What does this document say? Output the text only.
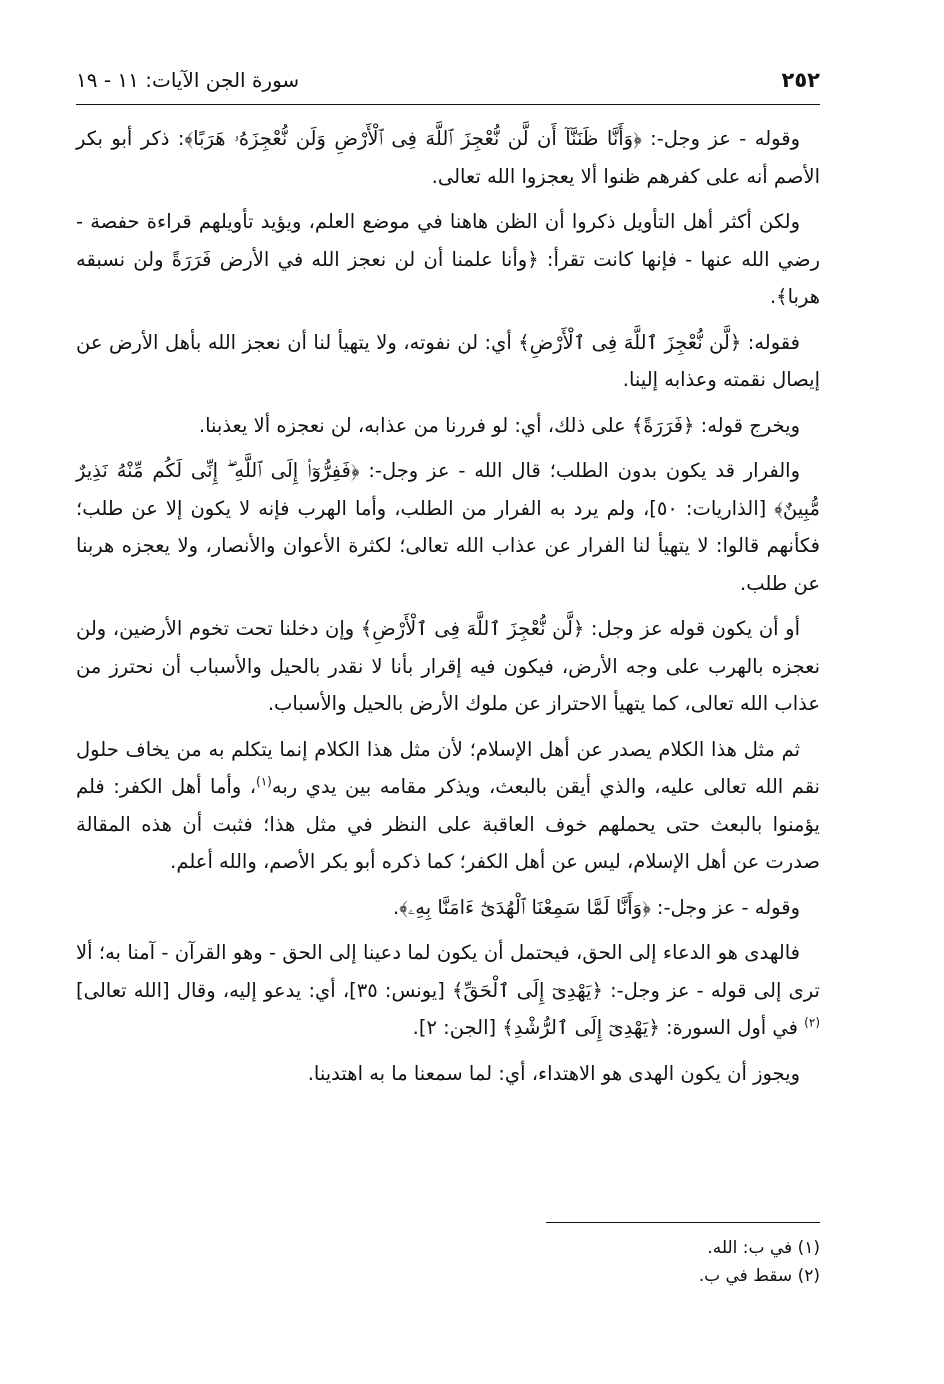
٢٥٢
سورة الجن الآيات: ١١ - ١٩

وقوله - عز وجل-: ﴿وَأَنَّا ظَنَنَّآ أَن لَّن نُّعْجِزَ ٱللَّهَ فِى ٱلْأَرْضِ وَلَن نُّعْجِزَهُۥ هَرَبًا﴾: ذكر أبو بكر الأصم أنه على كفرهم ظنوا ألا يعجزوا الله تعالى.

ولكن أكثر أهل التأويل ذكروا أن الظن هاهنا في موضع العلم، ويؤيد تأويلهم قراءة حفصة - رضي الله عنها - فإنها كانت تقرأ: ﴿وأنا علمنا أن لن نعجز الله في الأرض فَرَرَةً ولن نسبقه هربا﴾.

فقوله: ﴿لَّن نُّعْجِزَ ٱللَّهَ فِى ٱلْأَرْضِ﴾ أي: لن نفوته، ولا يتهيأ لنا أن نعجز الله بأهل الأرض عن إيصال نقمته وعذابه إلينا.

ويخرج قوله: ﴿فَرَرَةً﴾ على ذلك، أي: لو فررنا من عذابه، لن نعجزه ألا يعذبنا.

والفرار قد يكون بدون الطلب؛ قال الله - عز وجل-: ﴿فَفِرُّوٓا۟ إِلَى ٱللَّهِ ۖ إِنِّى لَكُم مِّنْهُ نَذِيرٌ مُّبِينٌ﴾ [الذاريات: ٥٠]، ولم يرد به الفرار من الطلب، وأما الهرب فإنه لا يكون إلا عن طلب؛ فكأنهم قالوا: لا يتهيأ لنا الفرار عن عذاب الله تعالى؛ لكثرة الأعوان والأنصار، ولا يعجزه هربنا عن طلب.

أو أن يكون قوله عز وجل: ﴿لَّن نُّعْجِزَ ٱللَّهَ فِى ٱلْأَرْضِ﴾ وإن دخلنا تحت تخوم الأرضين، ولن نعجزه بالهرب على وجه الأرض، فيكون فيه إقرار بأنا لا نقدر بالحيل والأسباب أن نحترز من عذاب الله تعالى، كما يتهيأ الاحتراز عن ملوك الأرض بالحيل والأسباب.

ثم مثل هذا الكلام يصدر عن أهل الإسلام؛ لأن مثل هذا الكلام إنما يتكلم به من يخاف حلول نقم الله تعالى عليه، والذي أيقن بالبعث، ويذكر مقامه بين يدي ربه$^{(١)}$، وأما أهل الكفر: فلم يؤمنوا بالبعث حتى يحملهم خوف العاقبة على النظر في مثل هذا؛ فثبت أن هذه المقالة صدرت عن أهل الإسلام، ليس عن أهل الكفر؛ كما ذكره أبو بكر الأصم، والله أعلم.

وقوله - عز وجل-: ﴿وَأَنَّا لَمَّا سَمِعْنَا ٱلْهُدَىٰٓ ءَامَنَّا بِهِۦ﴾.

فالهدى هو الدعاء إلى الحق، فيحتمل أن يكون لما دعينا إلى الحق - وهو القرآن - آمنا به؛ ألا ترى إلى قوله - عز وجل-: ﴿يَهْدِىٓ إِلَى ٱلْحَقِّ﴾ [يونس: ٣٥]، أي: يدعو إليه، وقال [الله تعالى]$^{(٢)}$ في أول السورة: ﴿يَهْدِىٓ إِلَى ٱلرُّشْدِ﴾ [الجن: ٢].

ويجوز أن يكون الهدى هو الاهتداء، أي: لما سمعنا ما به اهتدينا.

(١) في ب: الله.

(٢) سقط في ب.
